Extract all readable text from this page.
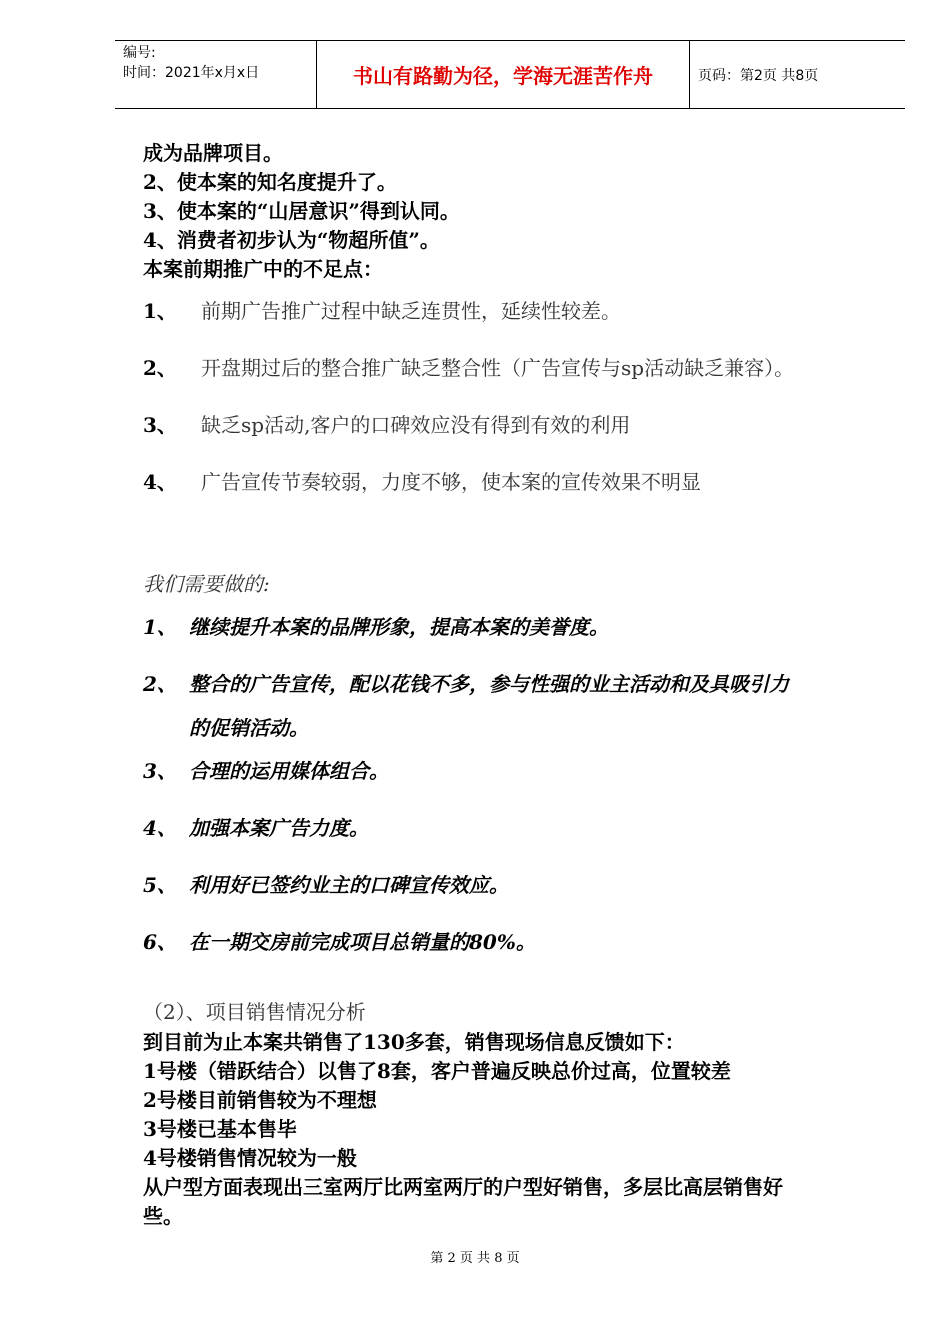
编号:
时间：2021年x月x日	书山有路勤为径，学海无涯苦作舟	页码：第2页 共8页
成为品牌项目。
2、使本案的知名度提升了。
3、使本案的“山居意识”得到认同。
4、消费者初步认为“物超所值”。
本案前期推广中的不足点：
1、 前期广告推广过程中缺乏连贯性，延续性较差。
2、 开盘期过后的整合推广缺乏整合性（广告宣传与sp活动缺乏兼容）。
3、 缺乏sp活动,客户的口碑效应没有得到有效的利用
4、 广告宣传节奏较弱，力度不够，使本案的宣传效果不明显
我们需要做的:
1、 继续提升本案的品牌形象，提高本案的美誉度。
2、 整合的广告宣传，配以花钱不多，参与性强的业主活动和及具吸引力
的促销活动。
3、 合理的运用媒体组合。
4、 加强本案广告力度。
5、 利用好已签约业主的口碑宣传效应。
6、 在一期交房前完成项目总销量的80%。
（2）、项目销售情况分析
到目前为止本案共销售了130多套，销售现场信息反馈如下：
1号楼（错跃结合）以售了8套，客户普遍反映总价过高，位置较差
2号楼目前销售较为不理想
3号楼已基本售毕
4号楼销售情况较为一般
从户型方面表现出三室两厅比两室两厅的户型好销售，多层比高层销售好
些。
第 2 页 共 8 页
